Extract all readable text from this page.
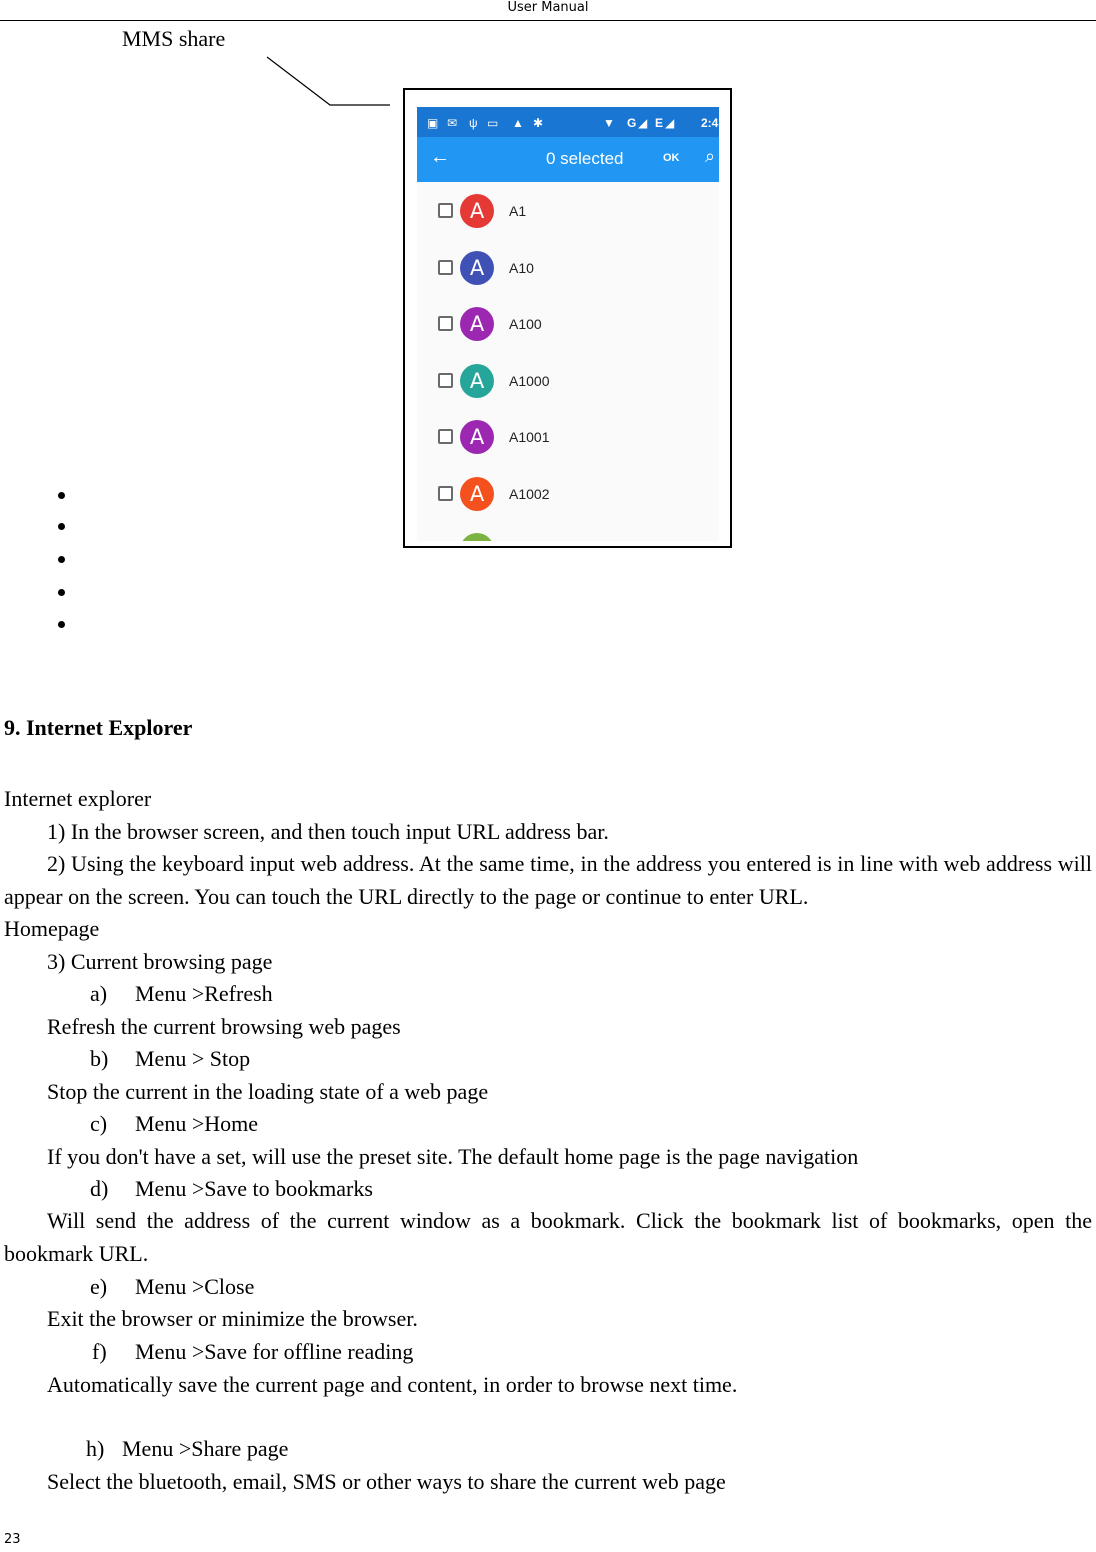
User Manual
MMS share
▣ ✉ ψ ▭ ▲ ✱	▼ G ◢ E ◢ 2:4
←	0 selected	OK ⌕
A	A1
A	A10
A	A100
A	A1000
A	A1001
A	A1002
9. Internet Explorer
Internet explorer
1) In the browser screen, and then touch input URL address bar.
2) Using the keyboard input web address. At the same time, in the address you entered is in line with web address will appear on the screen. You can touch the URL directly to the page or continue to enter URL.
Homepage
3) Current browsing page
a) Menu >Refresh
Refresh the current browsing web pages
b) Menu > Stop
Stop the current in the loading state of a web page
c) Menu >Home
If you don't have a set, will use the preset site. The default home page is the page navigation
d) Menu >Save to bookmarks
Will send the address of the current window as a bookmark. Click the bookmark list of bookmarks, open the bookmark URL.
e) Menu >Close
Exit the browser or minimize the browser.
f) Menu >Save for offline reading
Automatically save the current page and content, in order to browse next time.
h) Menu >Share page
Select the bluetooth, email, SMS or other ways to share the current web page
23
